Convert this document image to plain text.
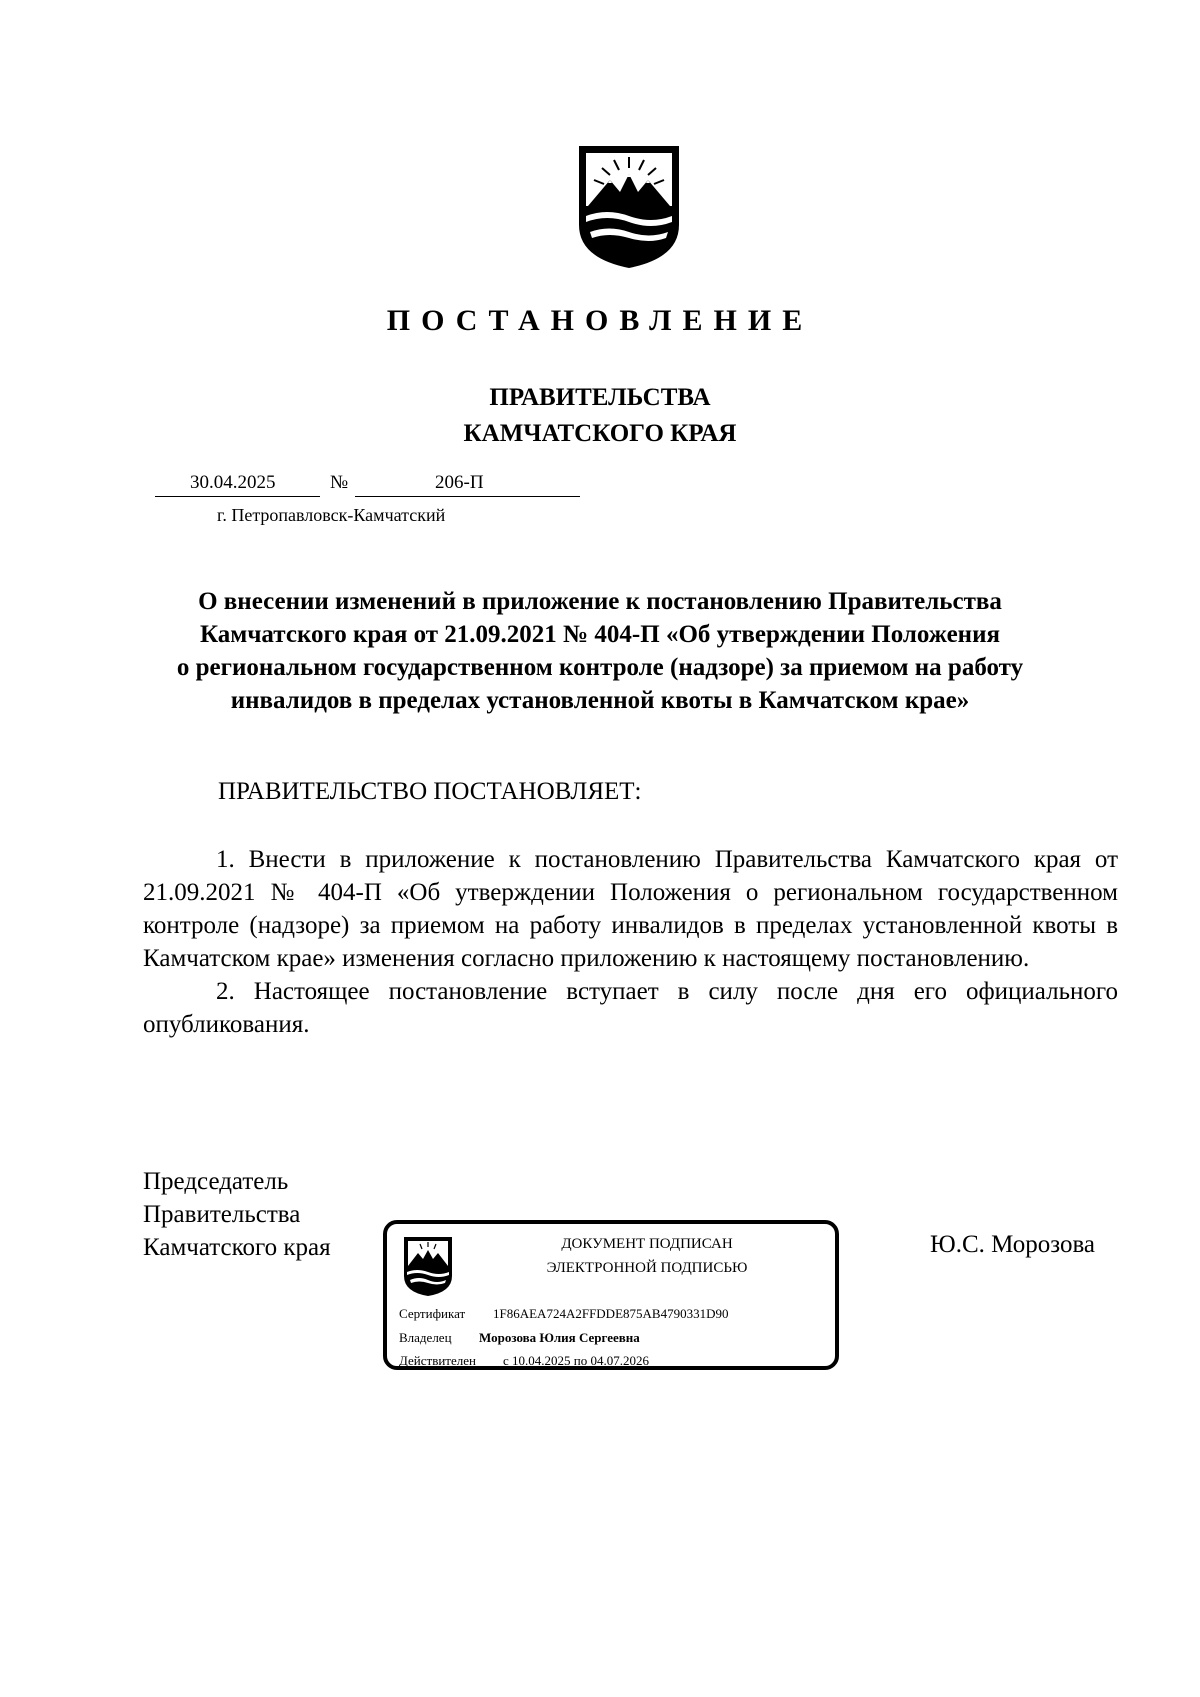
ПОСТАНОВЛЕНИЕ
ПРАВИТЕЛЬСТВА
КАМЧАТСКОГО КРАЯ
30.04.2025	№	206-П
г. Петропавловск-Камчатский
О внесении изменений в приложение к постановлению Правительства
Камчатского края от 21.09.2021 № 404-П «Об утверждении Положения
о региональном государственном контроле (надзоре) за приемом на работу
инвалидов в пределах установленной квоты в Камчатском крае»
ПРАВИТЕЛЬСТВО ПОСТАНОВЛЯЕТ:

1. Внести в приложение к постановлению Правительства Камчатского края от 21.09.2021 № 404-П «Об утверждении Положения о региональном государственном контроле (надзоре) за приемом на работу инвалидов в пределах установленной квоты в Камчатском крае» изменения согласно приложению к настоящему постановлению.

2. Настоящее постановление вступает в силу после дня его официального опубликования.

Председатель
Правительства
Камчатского края	Ю.С. Морозова
ДОКУМЕНТ ПОДПИСАН
ЭЛЕКТРОННОЙ ПОДПИСЬЮ
Сертификат 1F86AEA724A2FFDDE875AB4790331D90
Владелец Морозова Юлия Сергеевна
Действителен с 10.04.2025 по 04.07.2026
